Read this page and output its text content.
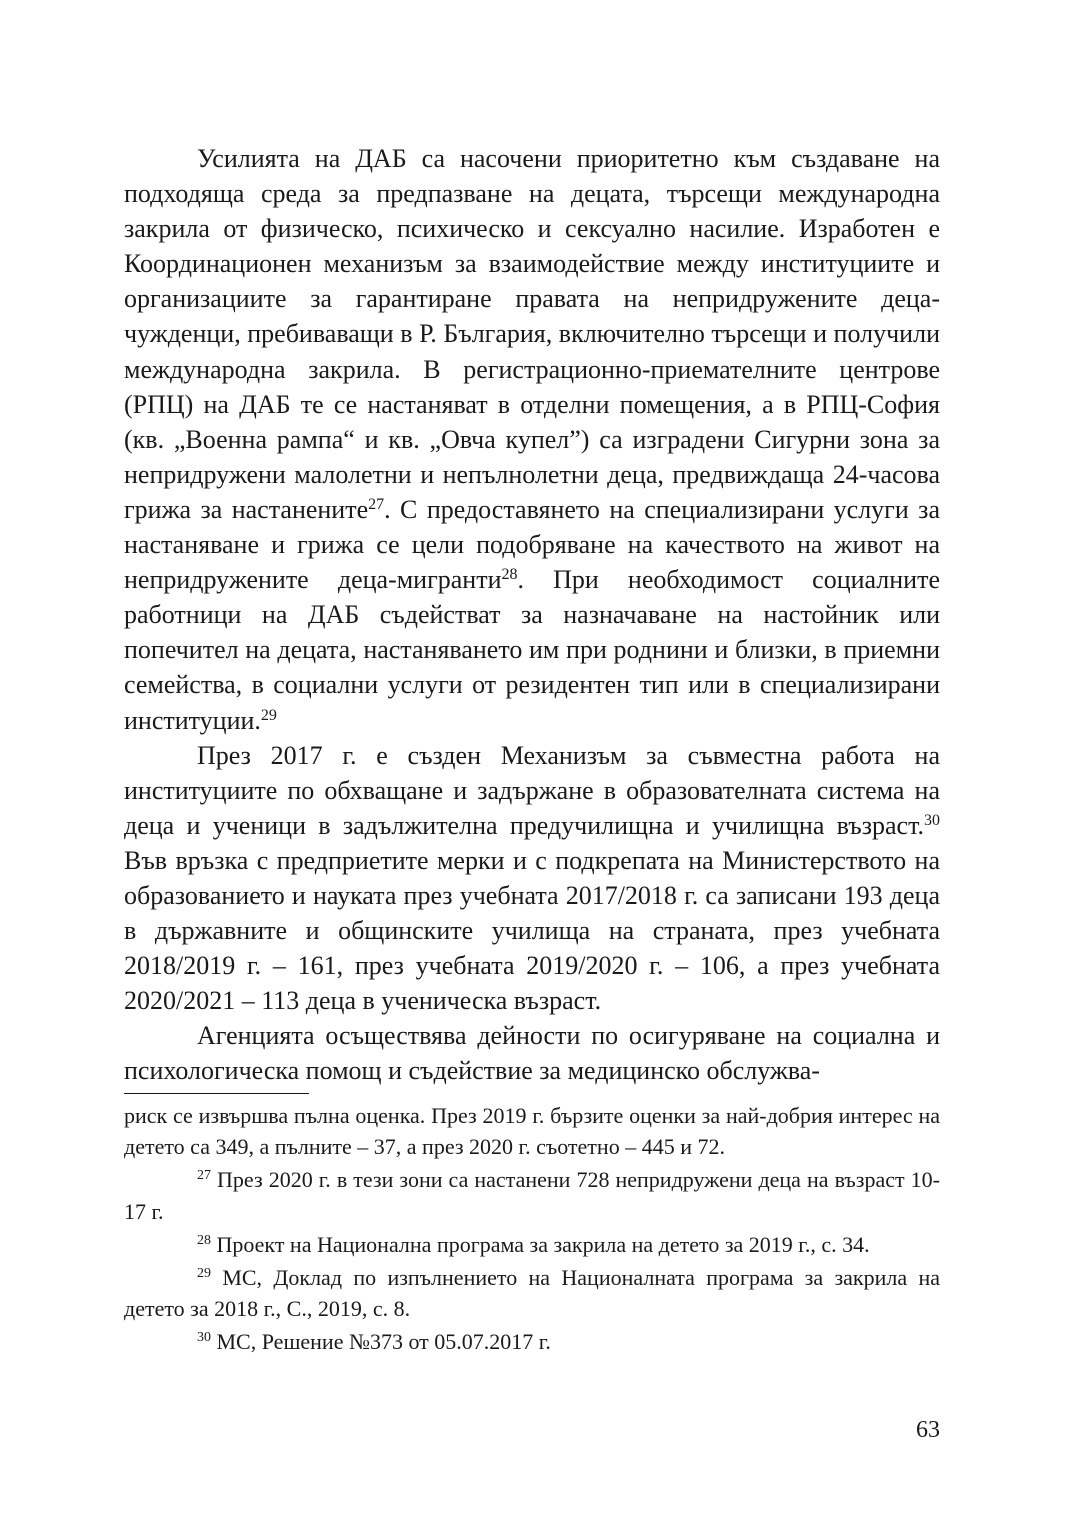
Усилията на ДАБ са насочени приоритетно към създаване на подходяща среда за предпазване на децата, търсещи международна закрила от физическо, психическо и сексуално насилие. Изработен е Координационен механизъм за взаимодействие между институциите и организациите за гарантиране правата на непридружените деца-чужденци, пребиваващи в Р. България, включително търсещи и получили международна закрила. В регистрационно-приемателните центрове (РПЦ) на ДАБ те се настаняват в отделни помещения, а в РПЦ-София (кв. „Военна рампа“ и кв. „Овча купел”) са изградени Сигурни зона за непридружени малолетни и непълнолетни деца, предвиждаща 24-часова грижа за настанените$^{27}$. С предоставянето на специализирани услуги за настаняване и грижа се цели подобряване на качеството на живот на непридружените деца-мигранти$^{28}$. При необходимост социалните работници на ДАБ съдействат за назначаване на настойник или попечител на децата, настаняването им при роднини и близки, в приемни семейства, в социални услуги от резидентен тип или в специализирани институции.$^{29}$

През 2017 г. е създен Механизъм за съвместна работа на институциите по обхващане и задържане в образователната система на деца и ученици в задължителна предучилищна и училищна възраст.$^{30}$ Във връзка с предприетите мерки и с подкрепата на Министерството на образованието и науката през учебната 2017/2018 г. са записани 193 деца в държавните и общинските училища на страната, през учебната 2018/2019 г. – 161, през учебната 2019/2020 г. – 106, а през учебната 2020/2021 – 113 деца в ученическа възраст.

Агенцията осъществява дейности по осигуряване на социална и психологическа помощ и съдействие за медицинско обслужва-

риск се извършва пълна оценка. През 2019 г. бързите оценки за най-добрия интерес на детето са 349, а пълните – 37, а през 2020 г. съотетно – 445 и 72.

$^{27}$ През 2020 г. в тези зони са настанени 728 непридружени деца на възраст 10-17 г.

$^{28}$ Проект на Национална програма за закрила на детето за 2019 г., с. 34.

$^{29}$ МС, Доклад по изпълнението на Националната програма за закрила на детето за 2018 г., С., 2019, с. 8.

$^{30}$ МС, Решение №373 от 05.07.2017 г.

63
